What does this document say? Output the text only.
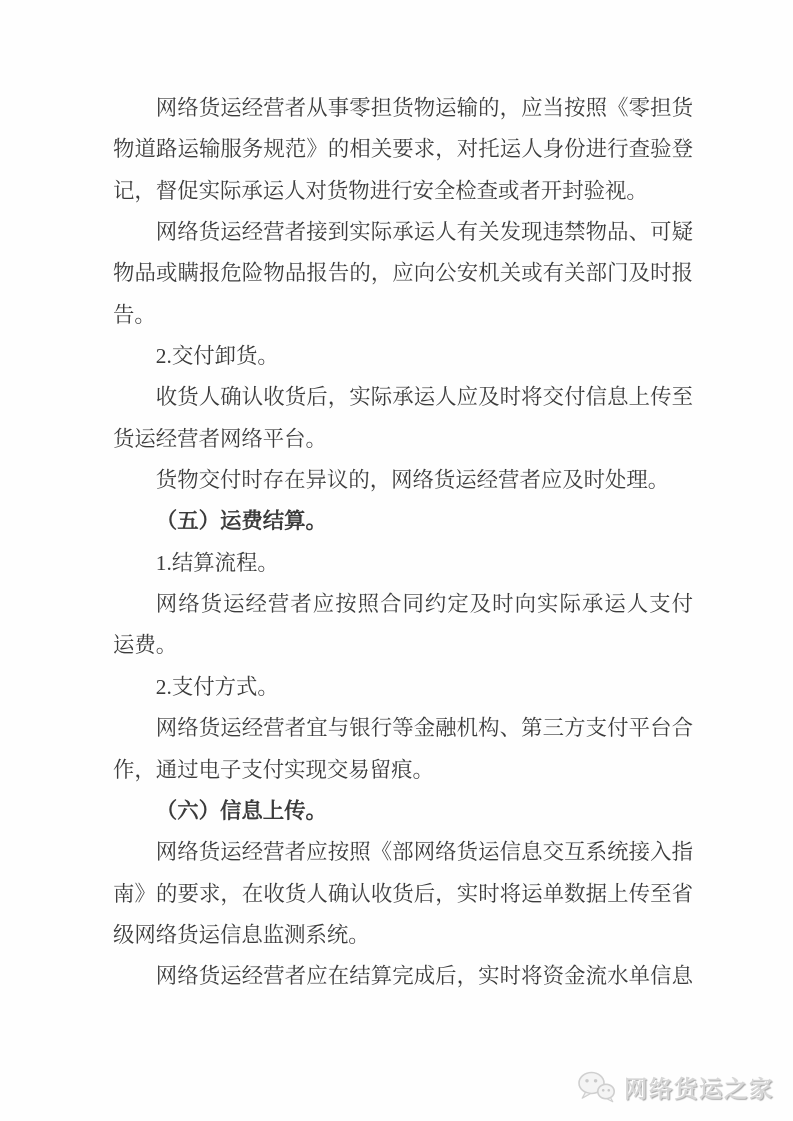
网络货运经营者从事零担货物运输的，应当按照《零担货
物道路运输服务规范》的相关要求，对托运人身份进行查验登
记，督促实际承运人对货物进行安全检查或者开封验视。
网络货运经营者接到实际承运人有关发现违禁物品、可疑
物品或瞒报危险物品报告的，应向公安机关或有关部门及时报
告。
2.交付卸货。
收货人确认收货后，实际承运人应及时将交付信息上传至
货运经营者网络平台。
货物交付时存在异议的，网络货运经营者应及时处理。
（五）运费结算。
1.结算流程。
网络货运经营者应按照合同约定及时向实际承运人支付
运费。
2.支付方式。
网络货运经营者宜与银行等金融机构、第三方支付平台合
作，通过电子支付实现交易留痕。
（六）信息上传。
网络货运经营者应按照《部网络货运信息交互系统接入指
南》的要求，在收货人确认收货后，实时将运单数据上传至省
级网络货运信息监测系统。
网络货运经营者应在结算完成后，实时将资金流水单信息
网络货运之家
